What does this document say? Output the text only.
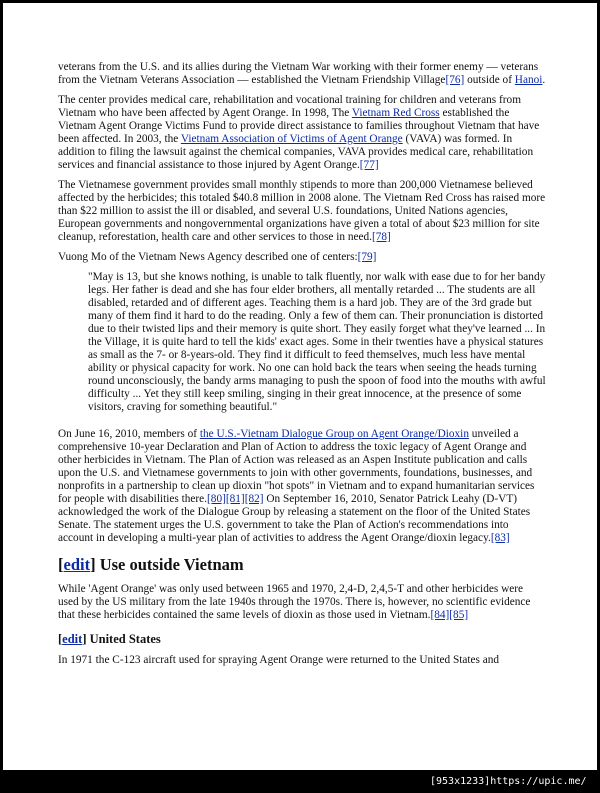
veterans from the U.S. and its allies during the Vietnam War working with their former enemy — veterans from the Vietnam Veterans Association — established the Vietnam Friendship Village[76] outside of Hanoi.

The center provides medical care, rehabilitation and vocational training for children and veterans from Vietnam who have been affected by Agent Orange. In 1998, The Vietnam Red Cross established the Vietnam Agent Orange Victims Fund to provide direct assistance to families throughout Vietnam that have been affected. In 2003, the Vietnam Association of Victims of Agent Orange (VAVA) was formed. In addition to filing the lawsuit against the chemical companies, VAVA provides medical care, rehabilitation services and financial assistance to those injured by Agent Orange.[77]

The Vietnamese government provides small monthly stipends to more than 200,000 Vietnamese believed affected by the herbicides; this totaled $40.8 million in 2008 alone. The Vietnam Red Cross has raised more than $22 million to assist the ill or disabled, and several U.S. foundations, United Nations agencies, European governments and nongovernmental organizations have given a total of about $23 million for site cleanup, reforestation, health care and other services to those in need.[78]

Vuong Mo of the Vietnam News Agency described one of centers:[79]

"May is 13, but she knows nothing, is unable to talk fluently, nor walk with ease due to for her bandy legs. Her father is dead and she has four elder brothers, all mentally retarded ... The students are all disabled, retarded and of different ages. Teaching them is a hard job. They are of the 3rd grade but many of them find it hard to do the reading. Only a few of them can. Their pronunciation is distorted due to their twisted lips and their memory is quite short. They easily forget what they've learned ... In the Village, it is quite hard to tell the kids' exact ages. Some in their twenties have a physical statures as small as the 7- or 8-years-old. They find it difficult to feed themselves, much less have mental ability or physical capacity for work. No one can hold back the tears when seeing the heads turning round unconsciously, the bandy arms managing to push the spoon of food into the mouths with awful difficulty ... Yet they still keep smiling, singing in their great innocence, at the presence of some visitors, craving for something beautiful."

On June 16, 2010, members of the U.S.-Vietnam Dialogue Group on Agent Orange/Dioxin unveiled a comprehensive 10-year Declaration and Plan of Action to address the toxic legacy of Agent Orange and other herbicides in Vietnam. The Plan of Action was released as an Aspen Institute publication and calls upon the U.S. and Vietnamese governments to join with other governments, foundations, businesses, and nonprofits in a partnership to clean up dioxin "hot spots" in Vietnam and to expand humanitarian services for people with disabilities there.[80][81][82] On September 16, 2010, Senator Patrick Leahy (D-VT) acknowledged the work of the Dialogue Group by releasing a statement on the floor of the United States Senate. The statement urges the U.S. government to take the Plan of Action's recommendations into account in developing a multi-year plan of activities to address the Agent Orange/dioxin legacy.[83]

[edit] Use outside Vietnam

While 'Agent Orange' was only used between 1965 and 1970, 2,4-D, 2,4,5-T and other herbicides were used by the US military from the late 1940s through the 1970s. There is, however, no scientific evidence that these herbicides contained the same levels of dioxin as those used in Vietnam.[84][85]

[edit] United States

In 1971 the C-123 aircraft used for spraying Agent Orange were returned to the United States and

[953x1233]https://upic.me/
